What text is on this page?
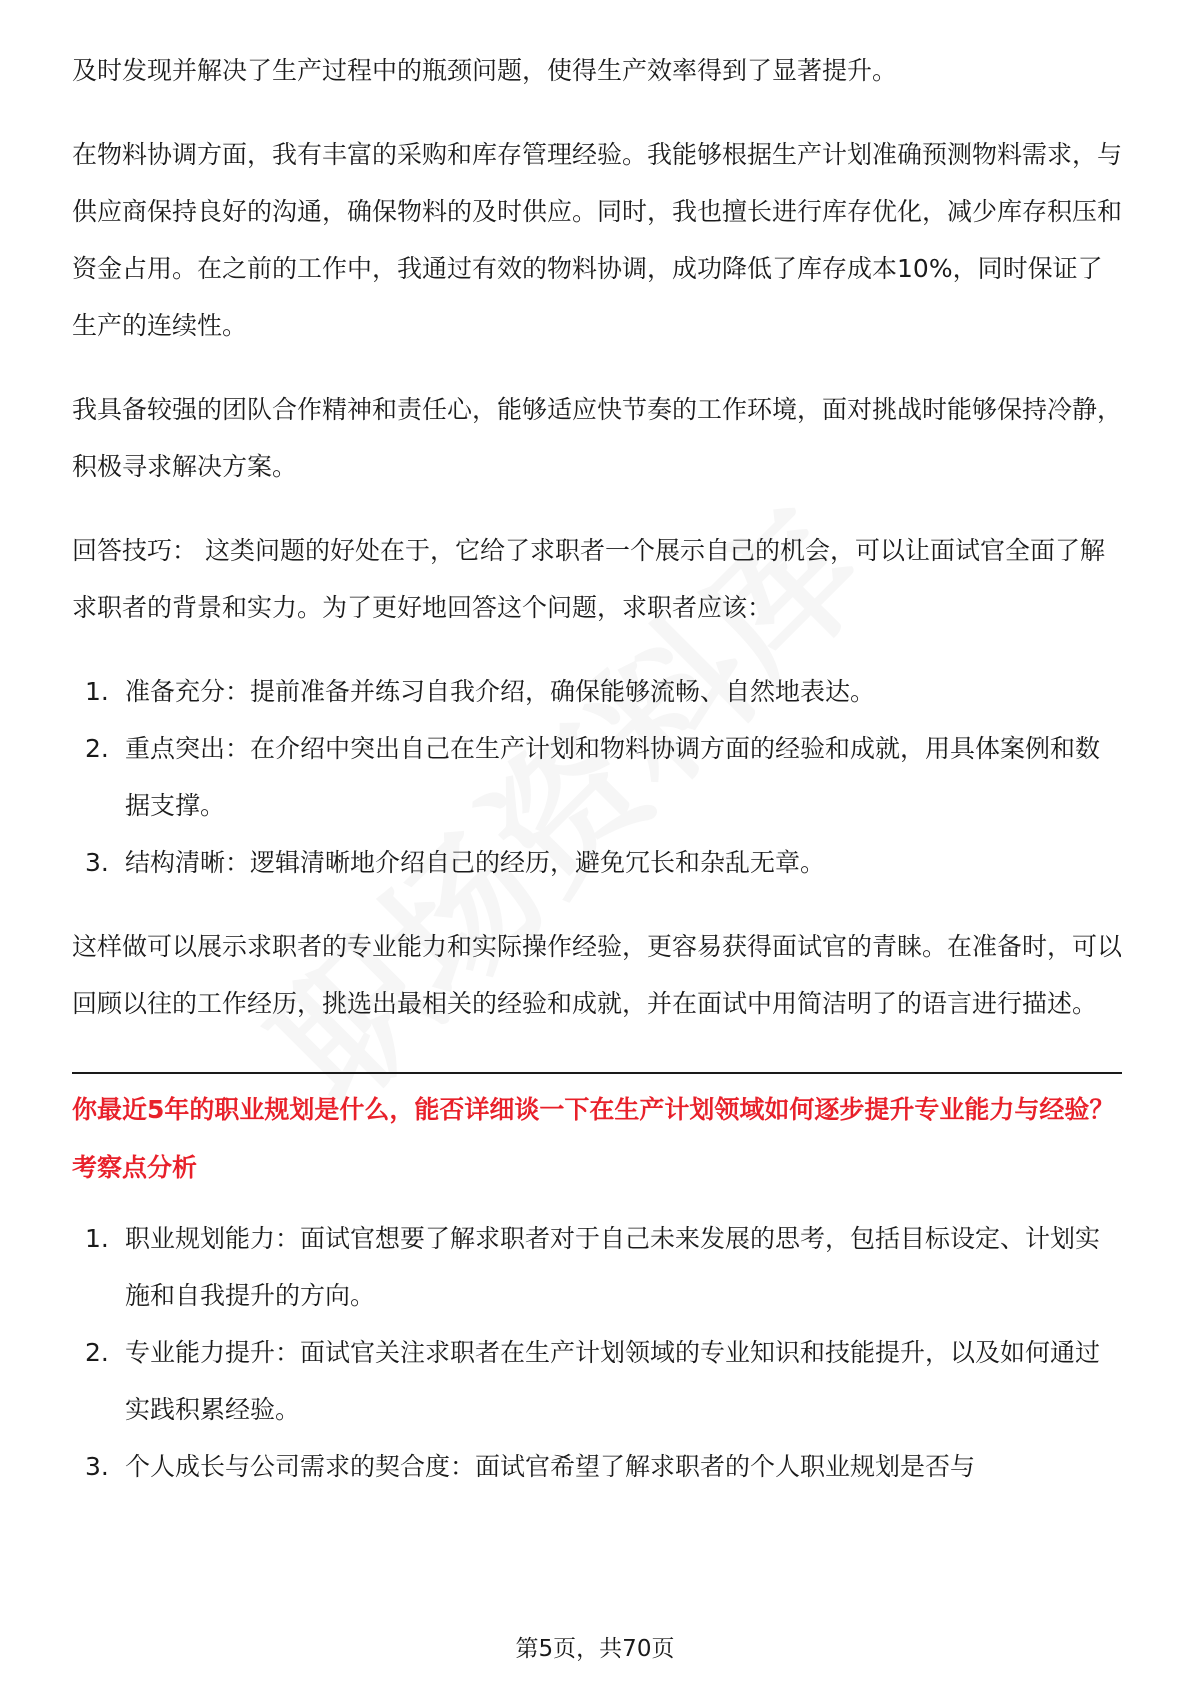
及时发现并解决了生产过程中的瓶颈问题，使得生产效率得到了显著提升。

在物料协调方面，我有丰富的采购和库存管理经验。我能够根据生产计划准确预测物料需求，与供应商保持良好的沟通，确保物料的及时供应。同时，我也擅长进行库存优化，减少库存积压和资金占用。在之前的工作中，我通过有效的物料协调，成功降低了库存成本10%，同时保证了生产的连续性。

我具备较强的团队合作精神和责任心，能够适应快节奏的工作环境，面对挑战时能够保持冷静，积极寻求解决方案。

回答技巧： 这类问题的好处在于，它给了求职者一个展示自己的机会，可以让面试官全面了解求职者的背景和实力。为了更好地回答这个问题，求职者应该：

1. 准备充分：提前准备并练习自我介绍，确保能够流畅、自然地表达。
2. 重点突出：在介绍中突出自己在生产计划和物料协调方面的经验和成就，用具体案例和数据支撑。
3. 结构清晰：逻辑清晰地介绍自己的经历，避免冗长和杂乱无章。

这样做可以展示求职者的专业能力和实际操作经验，更容易获得面试官的青睐。在准备时，可以回顾以往的工作经历，挑选出最相关的经验和成就，并在面试中用简洁明了的语言进行描述。

你最近5年的职业规划是什么，能否详细谈一下在生产计划领域如何逐步提升专业能力与经验？

考察点分析

1. 职业规划能力：面试官想要了解求职者对于自己未来发展的思考，包括目标设定、计划实施和自我提升的方向。
2. 专业能力提升：面试官关注求职者在生产计划领域的专业知识和技能提升，以及如何通过实践积累经验。
3. 个人成长与公司需求的契合度：面试官希望了解求职者的个人职业规划是否与
第5页，共70页
